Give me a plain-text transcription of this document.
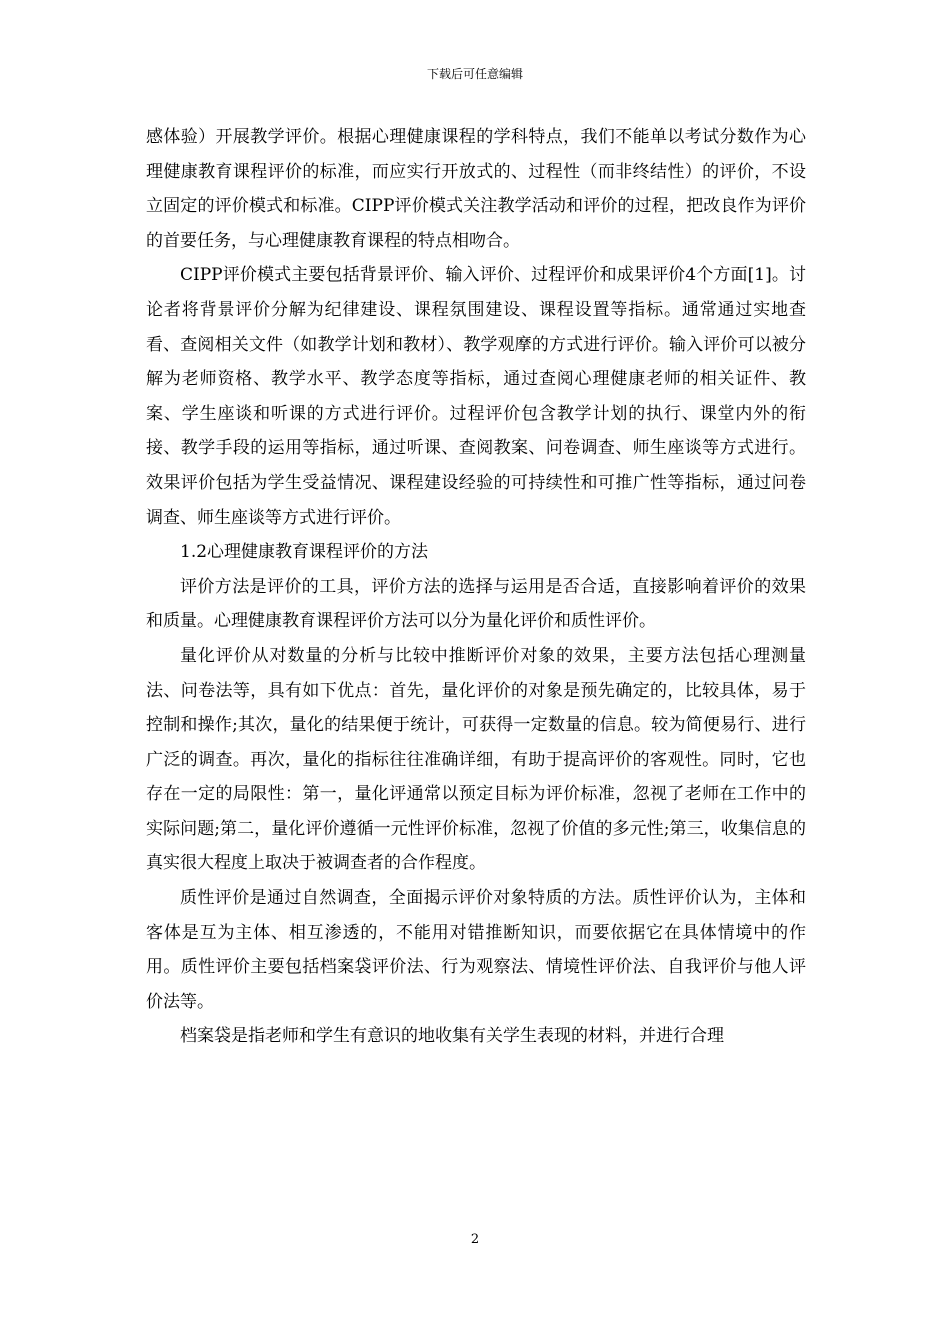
下载后可任意编辑

感体验）开展教学评价。根据心理健康课程的学科特点，我们不能单以考试分数作为心理健康教育课程评价的标准，而应实行开放式的、过程性（而非终结性）的评价，不设立固定的评价模式和标准。CIPP评价模式关注教学活动和评价的过程，把改良作为评价的首要任务，与心理健康教育课程的特点相吻合。

CIPP评价模式主要包括背景评价、输入评价、过程评价和成果评价4个方面[1]。讨论者将背景评价分解为纪律建设、课程氛围建设、课程设置等指标。通常通过实地查看、查阅相关文件（如教学计划和教材）、教学观摩的方式进行评价。输入评价可以被分解为老师资格、教学水平、教学态度等指标，通过查阅心理健康老师的相关证件、教案、学生座谈和听课的方式进行评价。过程评价包含教学计划的执行、课堂内外的衔接、教学手段的运用等指标，通过听课、查阅教案、问卷调查、师生座谈等方式进行。效果评价包括为学生受益情况、课程建设经验的可持续性和可推广性等指标，通过问卷调查、师生座谈等方式进行评价。

1.2心理健康教育课程评价的方法

评价方法是评价的工具，评价方法的选择与运用是否合适，直接影响着评价的效果和质量。心理健康教育课程评价方法可以分为量化评价和质性评价。

量化评价从对数量的分析与比较中推断评价对象的效果，主要方法包括心理测量法、问卷法等，具有如下优点：首先，量化评价的对象是预先确定的，比较具体，易于控制和操作;其次，量化的结果便于统计，可获得一定数量的信息。较为简便易行、进行广泛的调查。再次，量化的指标往往准确详细，有助于提高评价的客观性。同时，它也存在一定的局限性：第一，量化评通常以预定目标为评价标准，忽视了老师在工作中的实际问题;第二，量化评价遵循一元性评价标准，忽视了价值的多元性;第三，收集信息的真实很大程度上取决于被调查者的合作程度。

质性评价是通过自然调查，全面揭示评价对象特质的方法。质性评价认为，主体和客体是互为主体、相互渗透的，不能用对错推断知识，而要依据它在具体情境中的作用。质性评价主要包括档案袋评价法、行为观察法、情境性评价法、自我评价与他人评价法等。

档案袋是指老师和学生有意识的地收集有关学生表现的材料，并进行合理

2
